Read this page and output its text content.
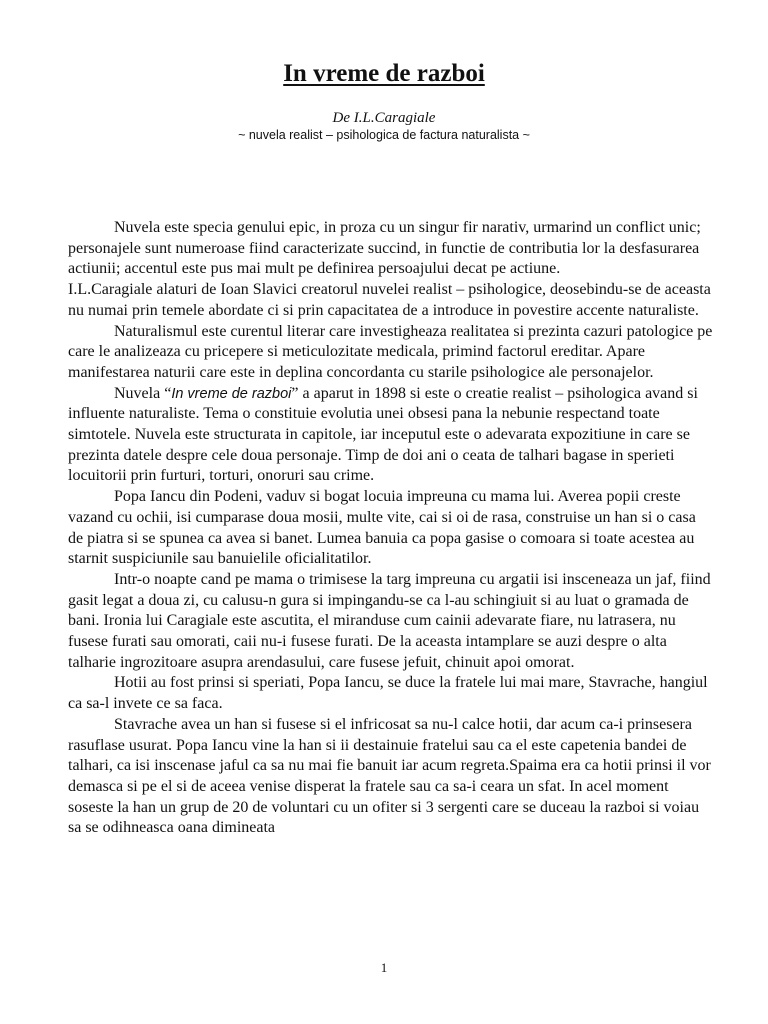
In vreme de razboi
De I.L.Caragiale
~ nuvela realist – psihologica de factura naturalista ~

Nuvela este specia genului epic, in proza cu un singur fir narativ, urmarind un conflict unic; personajele sunt numeroase fiind caracterizate succind, in functie de contributia lor la desfasurarea actiunii; accentul este pus mai mult pe definirea persoajului decat pe actiune.

I.L.Caragiale alaturi de Ioan Slavici creatorul nuvelei realist – psihologice, deosebindu-se de aceasta nu numai prin temele abordate ci si prin capacitatea de a introduce in povestire accente naturaliste.

Naturalismul este curentul literar care investigheaza realitatea si prezinta cazuri patologice pe care le analizeaza cu pricepere si meticulozitate medicala, primind factorul ereditar. Apare manifestarea naturii care este in deplina concordanta cu starile psihologice ale personajelor.

Nuvela “In vreme de razboi” a aparut in 1898 si este o creatie realist – psihologica avand si influente naturaliste. Tema o constituie evolutia unei obsesi pana la nebunie respectand toate simtotele. Nuvela este structurata in capitole, iar inceputul este o adevarata expozitiune in care se prezinta datele despre cele doua personaje. Timp de doi ani o ceata de talhari bagase in sperieti locuitorii prin furturi, torturi, onoruri sau crime.

Popa Iancu din Podeni, vaduv si bogat locuia impreuna cu mama lui. Averea popii creste vazand cu ochii, isi cumparase doua mosii, multe vite, cai si oi de rasa, construise un han si o casa de piatra si se spunea ca avea si banet. Lumea banuia ca popa gasise o comoara si toate acestea au starnit suspiciunile sau banuielile oficialitatilor.

Intr-o noapte cand pe mama o trimisese la targ impreuna cu argatii isi insceneaza un jaf, fiind gasit legat a doua zi, cu calusu-n gura si impingandu-se ca l-au schingiuit si au luat o gramada de bani. Ironia lui Caragiale este ascutita, el miranduse cum cainii adevarate fiare, nu latrasera, nu fusese furati sau omorati, caii nu-i fusese furati. De la aceasta intamplare se auzi despre o alta talharie ingrozitoare asupra arendasului, care fusese jefuit, chinuit apoi omorat.

Hotii au fost prinsi si speriati, Popa Iancu, se duce la fratele lui mai mare, Stavrache, hangiul ca sa-l invete ce sa faca.

Stavrache avea un han si fusese si el infricosat sa nu-l calce hotii, dar acum ca-i prinsesera rasuflase usurat. Popa Iancu vine la han si ii destainuie fratelui sau ca el este capetenia bandei de talhari, ca isi inscenase jaful ca sa nu mai fie banuit iar acum regreta.Spaima era ca hotii prinsi il vor demasca si pe el si de aceea venise disperat la fratele sau ca sa-i ceara un sfat. In acel moment soseste la han un grup de 20 de voluntari cu un ofiter si 3 sergenti care se duceau la razboi si voiau sa se odihneasca oana dimineata

1
